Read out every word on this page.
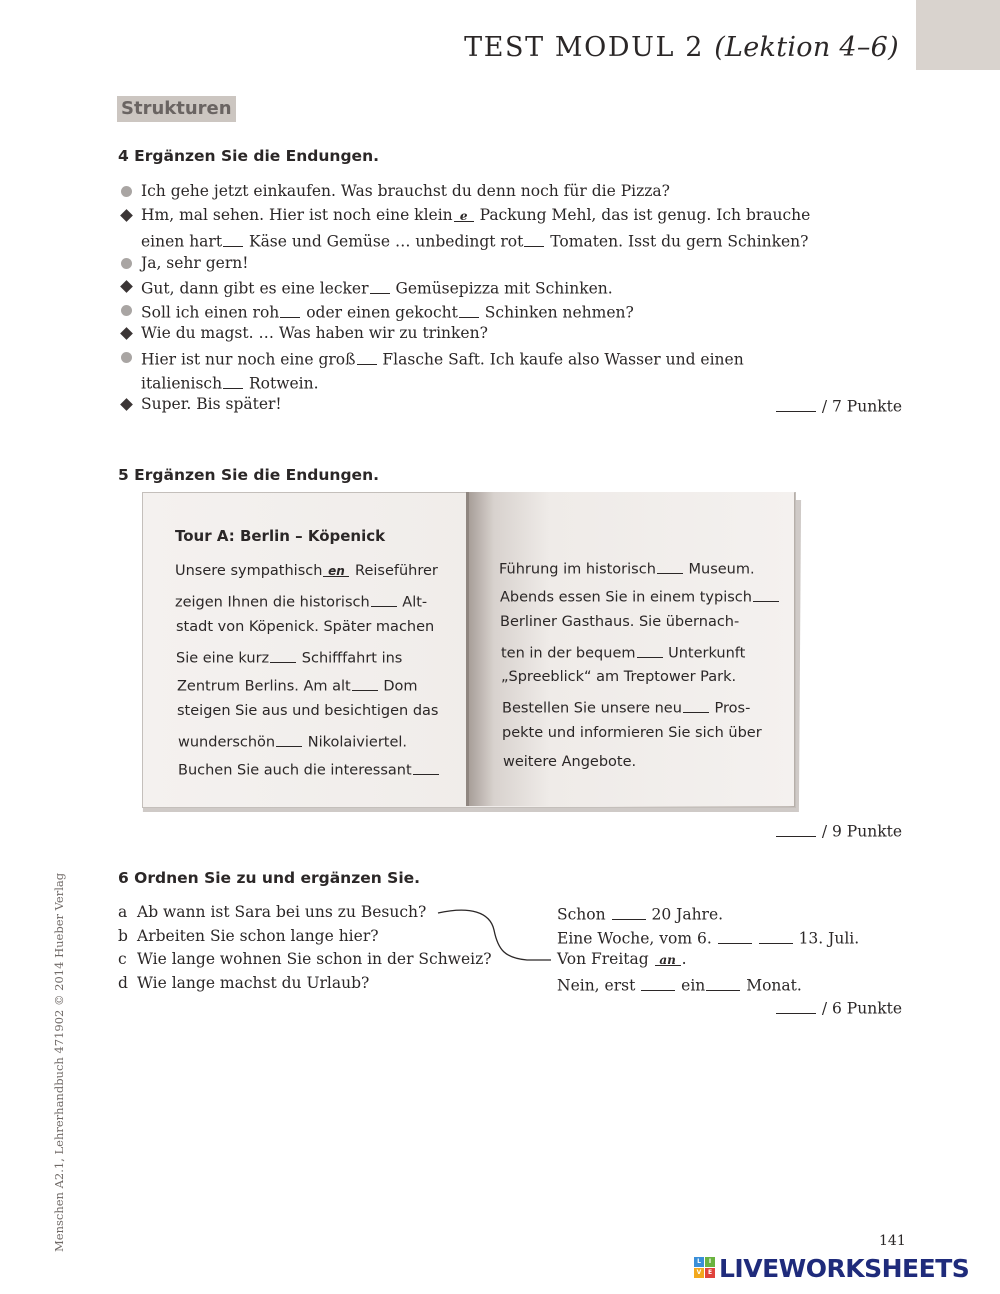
TEST MODUL 2 (Lektion 4–6)
Strukturen
4 Ergänzen Sie die Endungen.
Ich gehe jetzt einkaufen. Was brauchst du denn noch für die Pizza?
Hm, mal sehen. Hier ist noch eine klein e Packung Mehl, das ist genug. Ich brauche
einen hart Käse und Gemüse … unbedingt rot Tomaten. Isst du gern Schinken?
Ja, sehr gern!
Gut, dann gibt es eine lecker Gemüsepizza mit Schinken.
Soll ich einen roh oder einen gekocht Schinken nehmen?
Wie du magst. … Was haben wir zu trinken?
Hier ist nur noch eine groß Flasche Saft. Ich kaufe also Wasser und einen
italienisch Rotwein.
Super. Bis später!	/ 7 Punkte
5 Ergänzen Sie die Endungen.
Tour A: Berlin – Köpenick
Unsere sympathisch en Reiseführer
zeigen Ihnen die historisch Alt-
stadt von Köpenick. Später machen
Sie eine kurz Schifffahrt ins
Zentrum Berlins. Am alt Dom
steigen Sie aus und besichtigen das
wunderschön Nikolaiviertel.
Buchen Sie auch die interessant
Führung im historisch Museum.
Abends essen Sie in einem typisch
Berliner Gasthaus. Sie übernach-
ten in der bequem Unterkunft
„Spreeblick“ am Treptower Park.
Bestellen Sie unsere neu Pros-
pekte und informieren Sie sich über
weitere Angebote.
/ 9 Punkte
6 Ordnen Sie zu und ergänzen Sie.
a Ab wann ist Sara bei uns zu Besuch?
b Arbeiten Sie schon lange hier?
c Wie lange wohnen Sie schon in der Schweiz?
d Wie lange machst du Urlaub?
Schon	20 Jahre.
Eine Woche, vom 6.	13. Juli.
Von Freitag an .
Nein, erst	ein Monat.
/ 6 Punkte
Menschen A2.1, Lehrerhandbuch 471902 © 2014 Hueber Verlag	141
L	I
V	E LIVEWORKSHEETS
